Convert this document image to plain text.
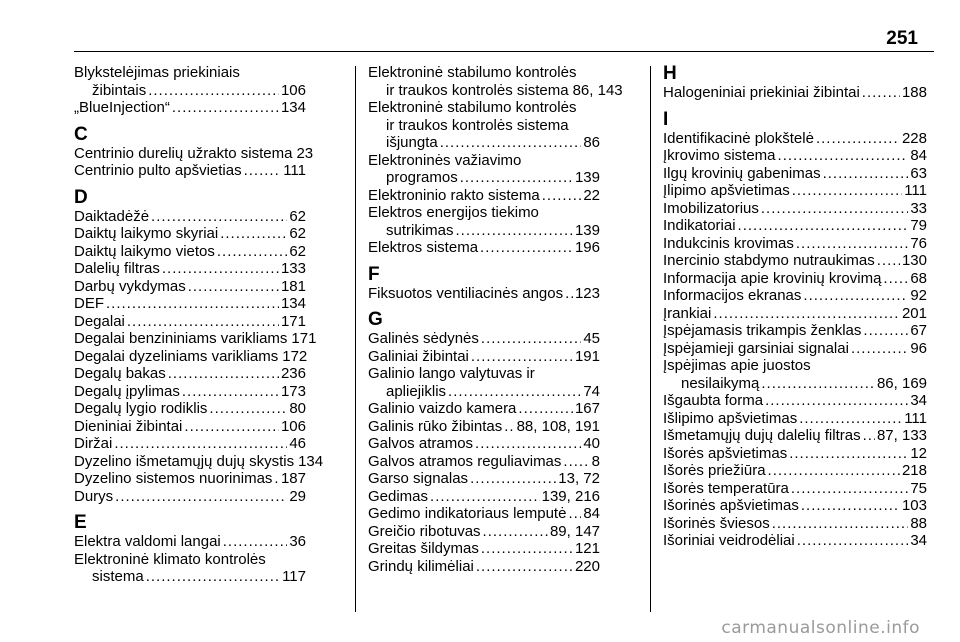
251
Blykstelėjimas priekiniais
žibintais .....	106
„BlueInjection“ .....	134
C
Centrinio durelių užrakto sistema 23
Centrinio pulto apšvietias .....	111
D
Daiktadėžė .....	62
Daiktų laikymo skyriai .....	62
Daiktų laikymo vietos .....	62
Dalelių filtras .....	133
Darbų vykdymas .....	181
DEF .....	134
Degalai .....	171
Degalai benzininiams varikliams 171
Degalai dyzeliniams varikliams 172
Degalų bakas .....	236
Degalų įpylimas .....	173
Degalų lygio rodiklis .....	80
Dieniniai žibintai .....	106
Diržai .....	46
Dyzelino išmetamųjų dujų skystis 134
Dyzelino sistemos nuorinimas ..... 187
Durys .....	29
E
Elektra valdomi langai .....	36
Elektroninė klimato kontrolės
sistema .....	117
Elektroninė stabilumo kontrolės
ir traukos kontrolės sistema 86, 143
Elektroninė stabilumo kontrolės
ir traukos kontrolės sistema
išjungta .....	86
Elektroninės važiavimo
programos .....	139
Elektroninio rakto sistema .....	22
Elektros energijos tiekimo
sutrikimas .....	139
Elektros sistema .....	196
F
Fiksuotos ventiliacinės angos ..... 123
G
Galinės sėdynės .....	45
Galiniai žibintai .....	191
Galinio lango valytuvas ir
apliejiklis .....	74
Galinio vaizdo kamera .....	167
Galinis rūko žibintas ..... 88, 108, 191
Galvos atramos .....	40
Galvos atramos reguliavimas ..... 8
Garso signalas .....	13, 72
Gedimas .....	139, 216
Gedimo indikatoriaus lemputė ..... 84
Greičio ribotuvas .....	89, 147
Greitas šildymas .....	121
Grindų kilimėliai .....	220
H
Halogeniniai priekiniai žibintai .....	188
I
Identifikacinė plokštelė .....	228
Įkrovimo sistema .....	84
Ilgų krovinių gabenimas .....	63
Įlipimo apšvietimas .....	111
Imobilizatorius .....	33
Indikatoriai .....	79
Indukcinis krovimas .....	76
Inercinio stabdymo nutraukimas ..... 130
Informacija apie krovinių krovimą ..... 68
Informacijos ekranas .....	92
Įrankiai .....	201
Įspėjamasis trikampis ženklas .....	67
Įspėjamieji garsiniai signalai .....	96
Įspėjimas apie juostos
nesilaikymą .....	86, 169
Išgaubta forma .....	34
Išlipimo apšvietimas .....	111
Išmetamųjų dujų dalelių filtras ..... 87, 133
Išorės apšvietimas .....	12
Išorės priežiūra .....	218
Išorės temperatūra .....	75
Išorinės apšvietimas .....	103
Išorinės šviesos .....	88
Išoriniai veidrodėliai .....	34
carmanualsonline.info
